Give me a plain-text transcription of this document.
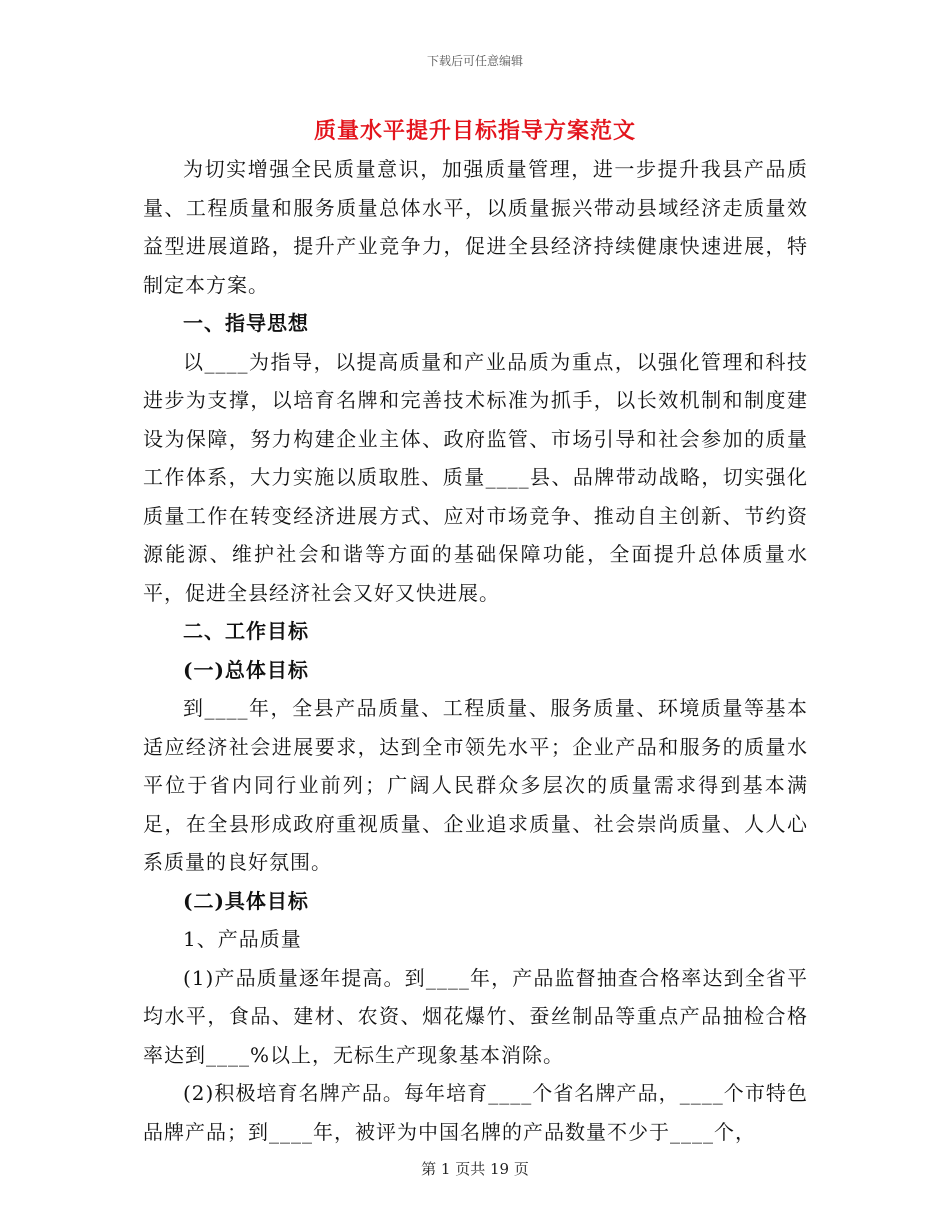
下载后可任意编辑
质量水平提升目标指导方案范文

为切实增强全民质量意识，加强质量管理，进一步提升我县产品质量、工程质量和服务质量总体水平，以质量振兴带动县域经济走质量效益型进展道路，提升产业竞争力，促进全县经济持续健康快速进展，特制定本方案。

一、指导思想

以____为指导，以提高质量和产业品质为重点，以强化管理和科技进步为支撑，以培育名牌和完善技术标准为抓手，以长效机制和制度建设为保障，努力构建企业主体、政府监管、市场引导和社会参加的质量工作体系，大力实施以质取胜、质量____县、品牌带动战略，切实强化质量工作在转变经济进展方式、应对市场竞争、推动自主创新、节约资源能源、维护社会和谐等方面的基础保障功能，全面提升总体质量水平，促进全县经济社会又好又快进展。

二、工作目标

(一)总体目标

到____年，全县产品质量、工程质量、服务质量、环境质量等基本适应经济社会进展要求，达到全市领先水平；企业产品和服务的质量水平位于省内同行业前列；广阔人民群众多层次的质量需求得到基本满足，在全县形成政府重视质量、企业追求质量、社会崇尚质量、人人心系质量的良好氛围。

(二)具体目标

1、产品质量

(1)产品质量逐年提高。到____年，产品监督抽查合格率达到全省平均水平，食品、建材、农资、烟花爆竹、蚕丝制品等重点产品抽检合格率达到____%以上，无标生产现象基本消除。

(2)积极培育名牌产品。每年培育____个省名牌产品，____个市特色品牌产品；到____年，被评为中国名牌的产品数量不少于____个，

第 1 页共 19 页
